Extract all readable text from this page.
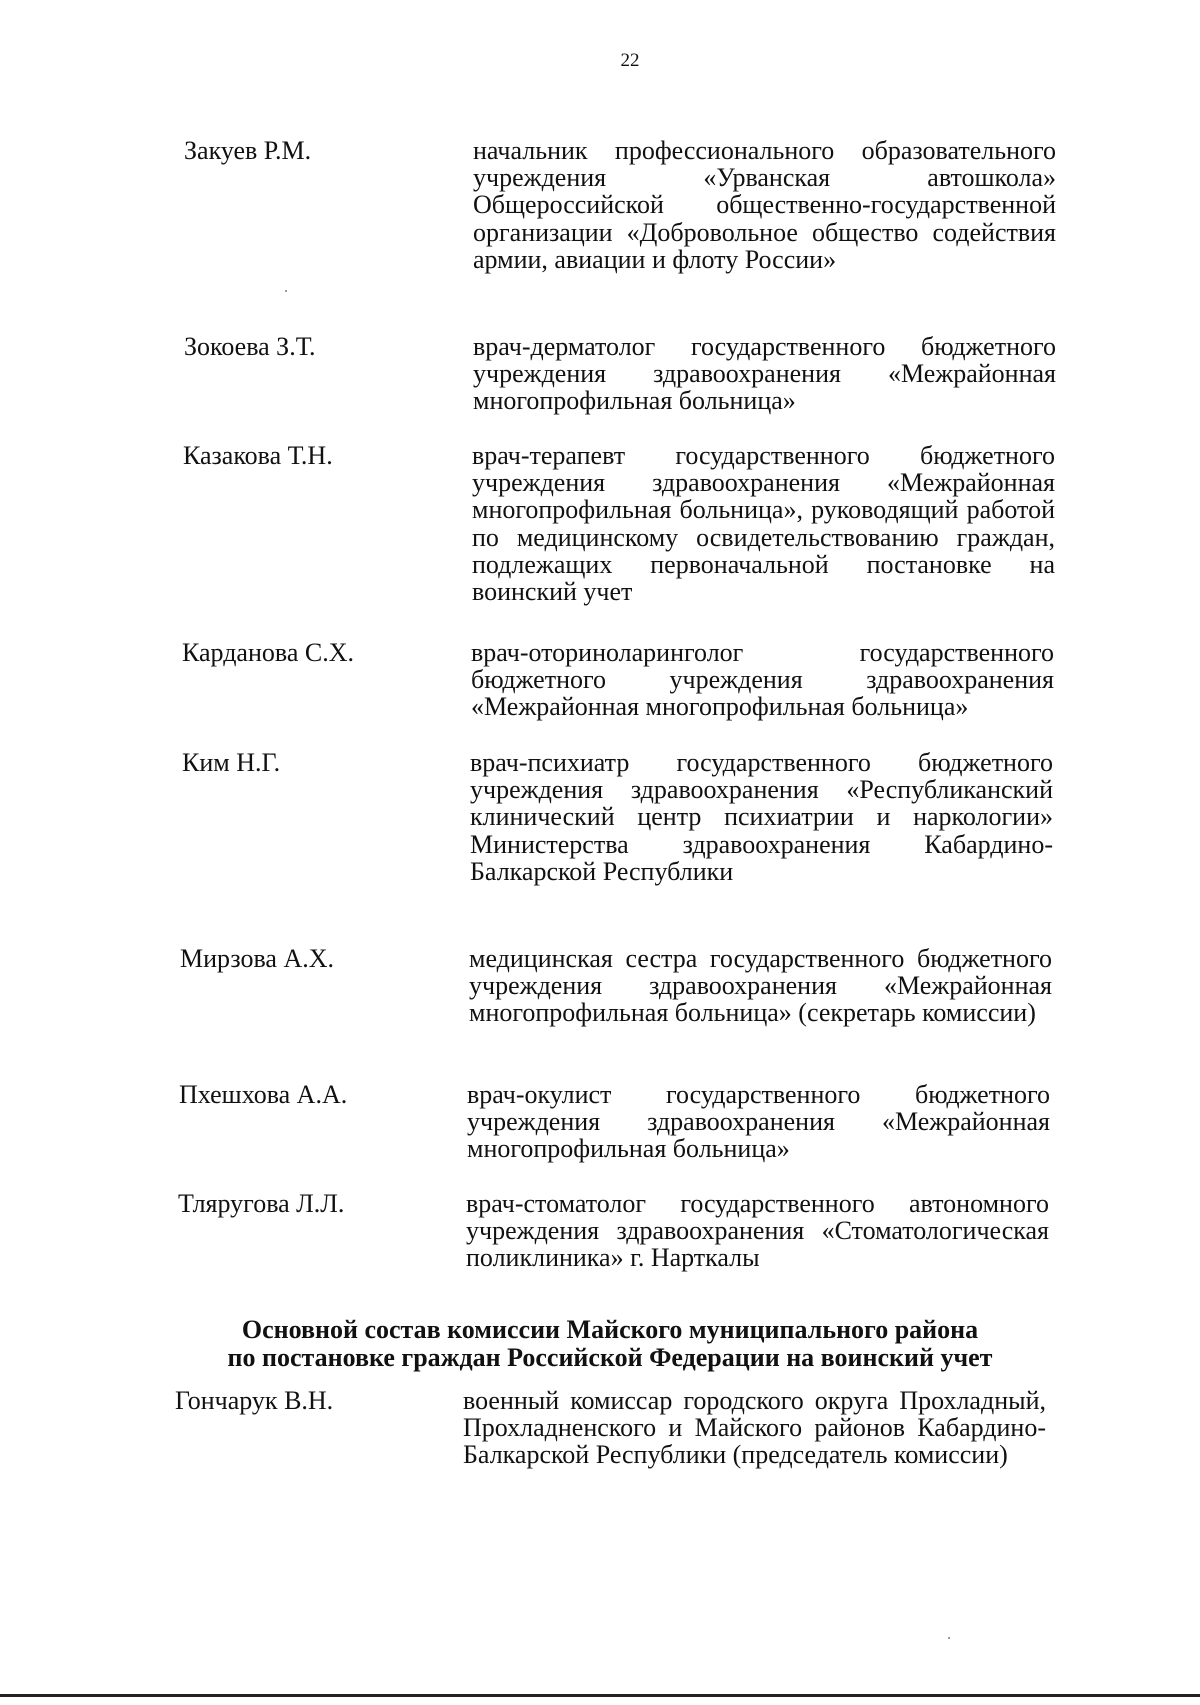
22
Закуев Р.М.	начальник профессионального образовательного учреждения «Урванская автошкола» Общероссийской общественно-государственной организации «Добровольное общество содействия армии, авиации и флоту России»
Зокоева З.Т.	врач-дерматолог государственного бюджетного учреждения здравоохранения «Межрайонная многопрофильная больница»
Казакова Т.Н.	врач-терапевт государственного бюджетного учреждения здравоохранения «Межрайонная многопрофильная больница», руководящий работой по медицинскому освидетельствованию граждан, подлежащих первоначальной постановке на воинский учет
Карданова С.Х.	врач-оториноларинголог государственного бюджетного учреждения здравоохранения «Межрайонная многопрофильная больница»
Ким Н.Г.	врач-психиатр государственного бюджетного учреждения здравоохранения «Республиканский клинический центр психиатрии и наркологии» Министерства здравоохранения Кабардино-Балкарской Республики
Мирзова А.Х.	медицинская сестра государственного бюджетного учреждения здравоохранения «Межрайонная многопрофильная больница» (секретарь комиссии)
Пхешхова А.А.	врач-окулист государственного бюджетного учреждения здравоохранения «Межрайонная многопрофильная больница»
Тляругова Л.Л.	врач-стоматолог государственного автономного учреждения здравоохранения «Стоматологическая поликлиника» г. Нарткалы
Основной состав комиссии Майского муниципального района
по постановке граждан Российской Федерации на воинский учет
Гончарук В.Н.	военный комиссар городского округа Прохладный, Прохладненского и Майского районов Кабардино-Балкарской Республики (председатель комиссии)
